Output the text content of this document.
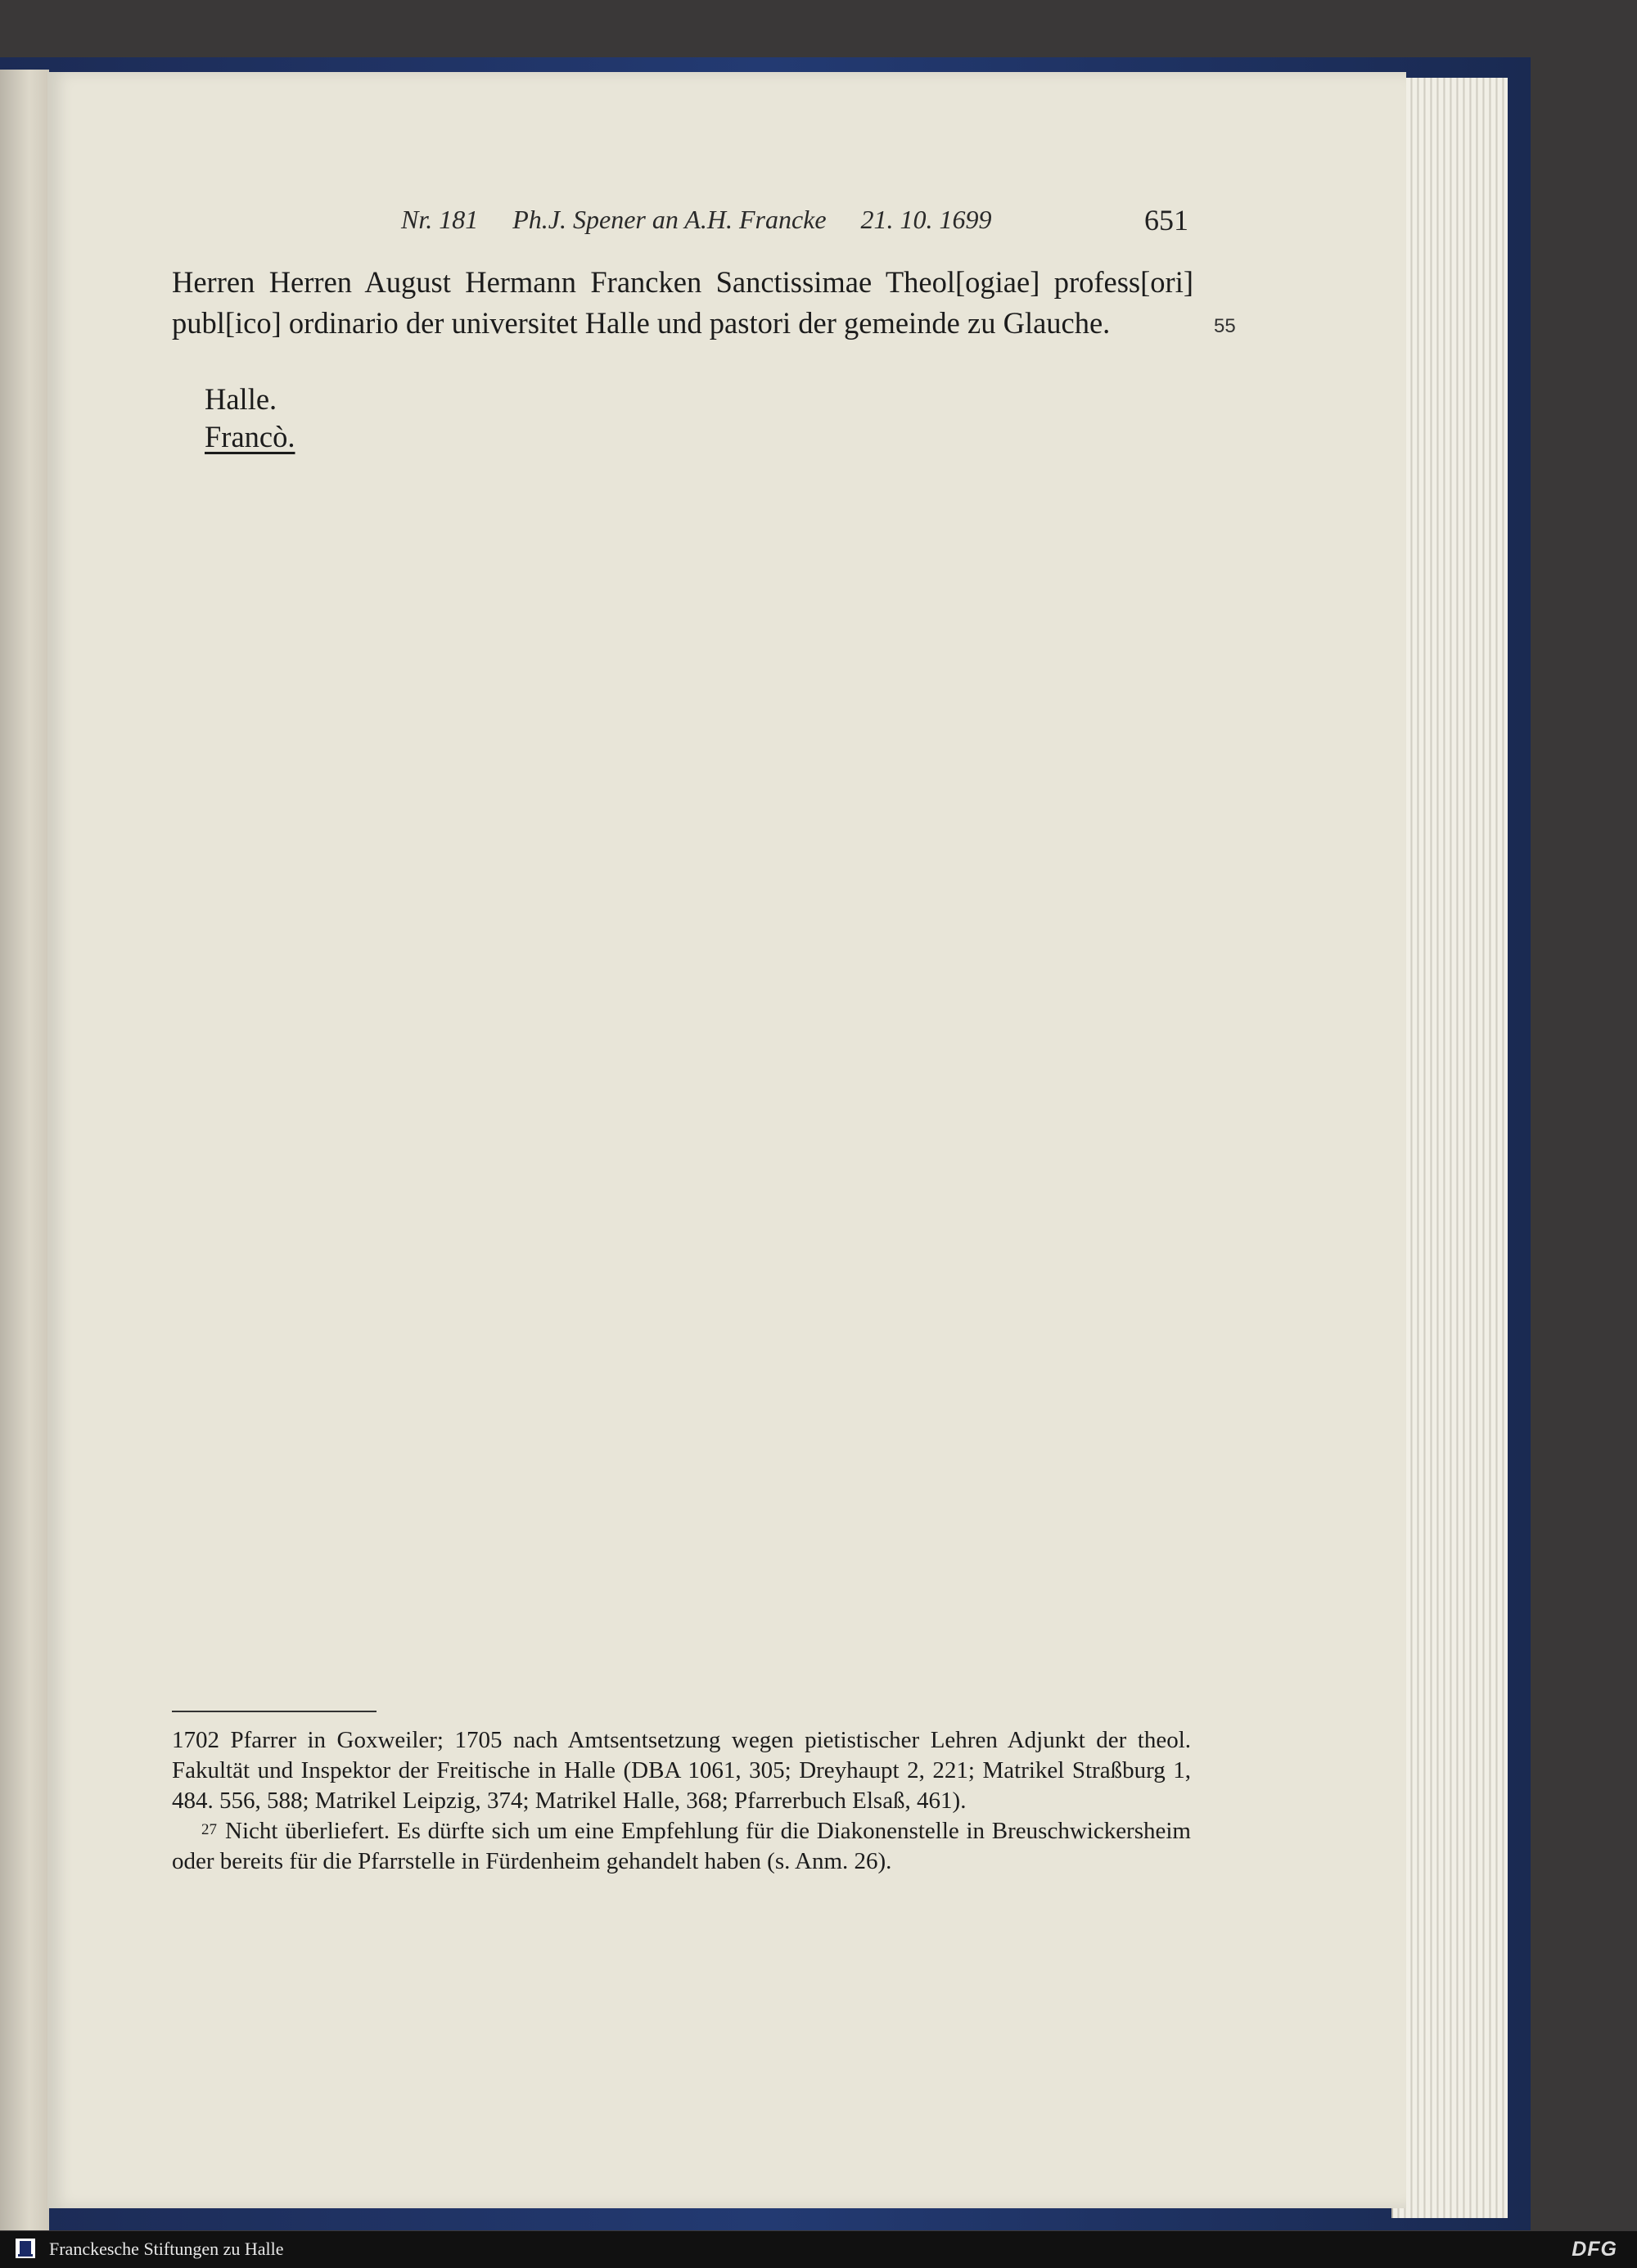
Nr. 181 Ph.J. Spener an A.H. Francke 21. 10. 1699	651
Herren Herren August Hermann Francken Sanctissimae Theol[ogiae] profess[ori] publ[ico] ordinario der universitet Halle und pastori der gemeinde zu Glauche.	55
Halle.
Francò.

1702 Pfarrer in Goxweiler; 1705 nach Amtsentsetzung wegen pietistischer Lehren Adjunkt der theol. Fakultät und Inspektor der Freitische in Halle (DBA 1061, 305; Dreyhaupt 2, 221; Matrikel Straßburg 1, 484. 556, 588; Matrikel Leipzig, 374; Matrikel Halle, 368; Pfarrerbuch Elsaß, 461).

$^{27}$ Nicht überliefert. Es dürfte sich um eine Empfehlung für die Diakonenstelle in Breuschwickersheim oder bereits für die Pfarrstelle in Fürdenheim gehandelt haben (s. Anm. 26).

Franckesche Stiftungen zu Halle	DFG
